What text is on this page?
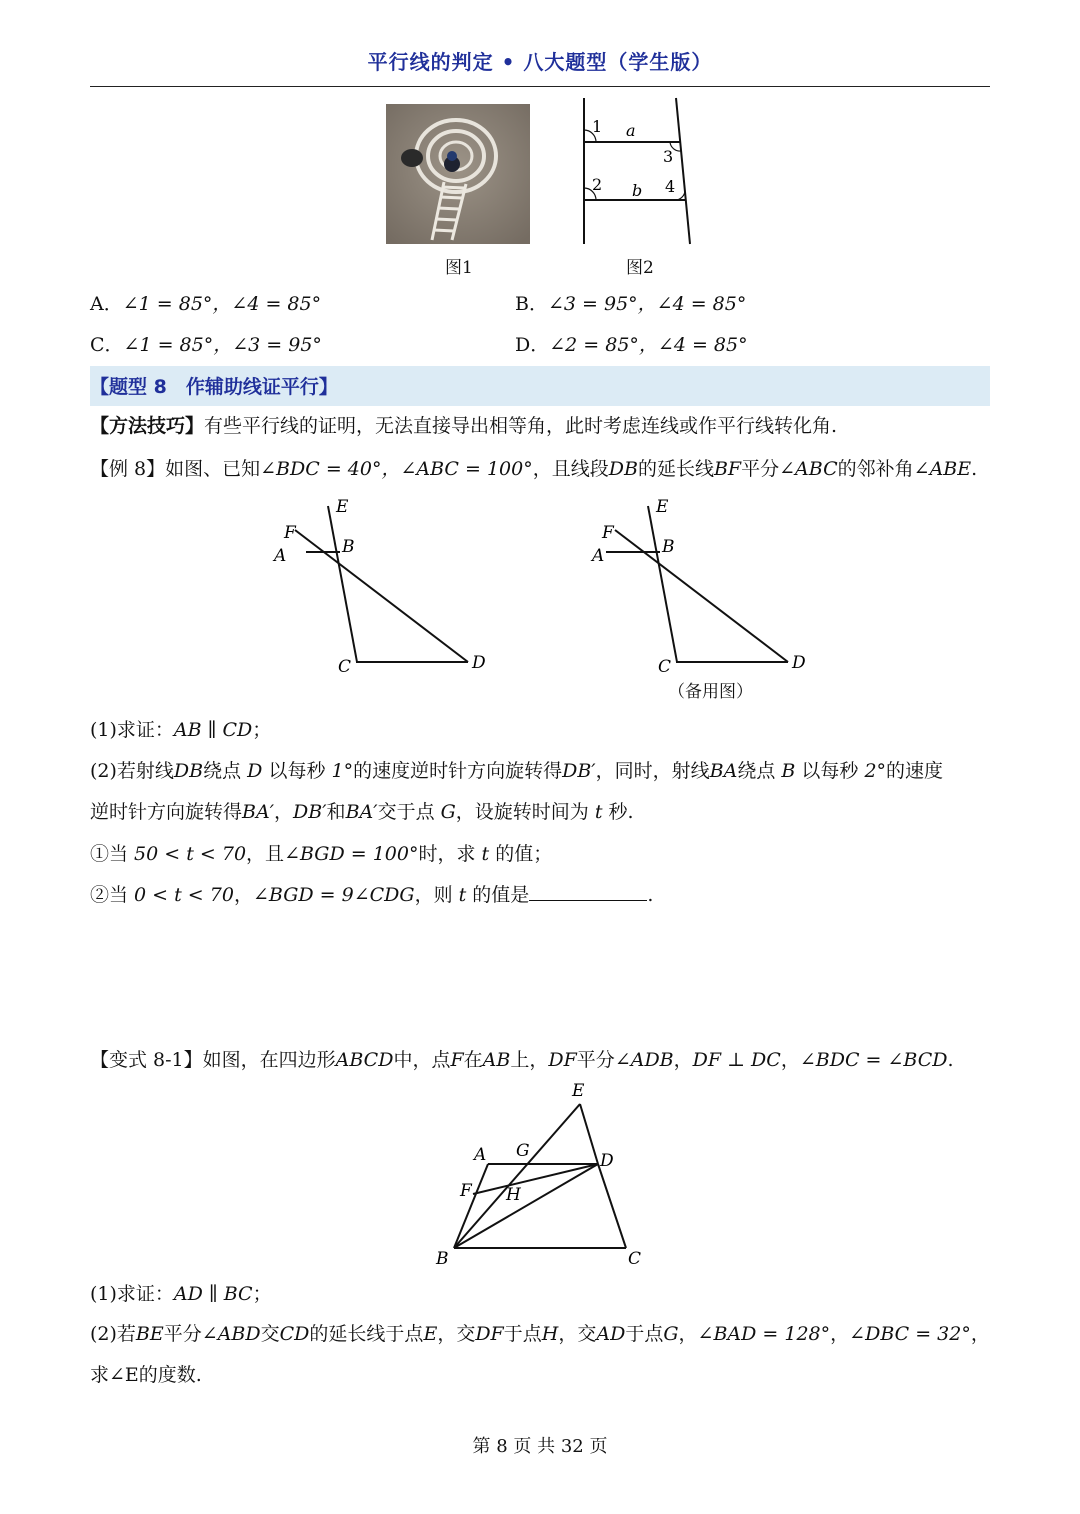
平行线的判定 • 八大题型（学生版）
图1
1 a
3
2 b 4
图2
A．∠1 = 85°，∠4 = 85°	B．∠3 = 95°，∠4 = 85°
C．∠1 = 85°，∠3 = 95°	D．∠2 = 85°，∠4 = 85°
【题型 8　作辅助线证平行】
【方法技巧】有些平行线的证明，无法直接导出相等角，此时考虑连线或作平行线转化角.
【例 8】如图、已知∠BDC = 40°，∠ABC = 100°，且线段DB的延长线BF平分∠ABC的邻补角∠ABE.
E
F
A	B
C	D
E
F
A	B
C	D
（备用图）
(1)求证：AB ∥ CD；
(2)若射线DB绕点 D 以每秒 1°的速度逆时针方向旋转得DB′，同时，射线BA绕点 B 以每秒 2°的速度
逆时针方向旋转得BA′，DB′和BA′交于点 G，设旋转时间为 t 秒.
①当 50 < t < 70，且∠BGD = 100°时，求 t 的值；
②当 0 < t < 70，∠BGD = 9∠CDG，则 t 的值是	.
【变式 8-1】如图，在四边形ABCD中，点F在AB上，DF平分∠ADB，DF ⊥ DC，∠BDC = ∠BCD.
E
A G	D
F H
B	C
(1)求证：AD ∥ BC；
(2)若BE平分∠ABD交CD的延长线于点E，交DF于点H，交AD于点G，∠BAD = 128°，∠DBC = 32°，
求∠E的度数.
第 8 页 共 32 页
